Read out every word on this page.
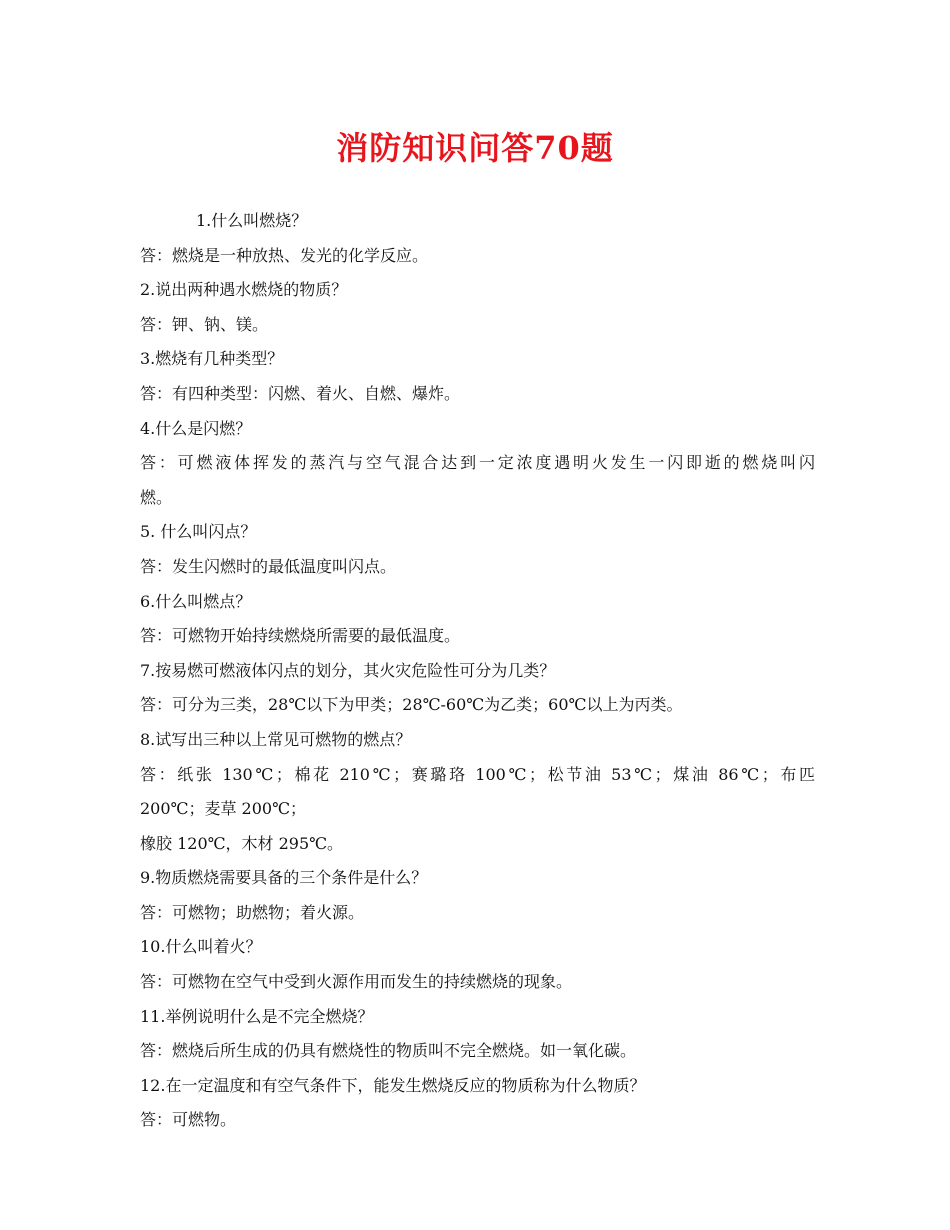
消防知识问答70题
1.什么叫燃烧？
答：燃烧是一种放热、发光的化学反应。
2.说出两种遇水燃烧的物质？
答：钾、钠、镁。
3.燃烧有几种类型？
答：有四种类型：闪燃、着火、自燃、爆炸。
4.什么是闪燃？
答：可燃液体挥发的蒸汽与空气混合达到一定浓度遇明火发生一闪即逝的燃烧叫闪
燃。
5. 什么叫闪点？
答：发生闪燃时的最低温度叫闪点。
6.什么叫燃点？
答：可燃物开始持续燃烧所需要的最低温度。
7.按易燃可燃液体闪点的划分，其火灾危险性可分为几类？
答：可分为三类，28℃以下为甲类；28℃-60℃为乙类；60℃以上为丙类。
8.试写出三种以上常见可燃物的燃点？
答：纸张 130℃；棉花 210℃；赛璐珞 100℃；松节油 53℃；煤油 86℃；布匹
200℃；麦草 200℃；
橡胶 120℃，木材 295℃。
9.物质燃烧需要具备的三个条件是什么？
答：可燃物；助燃物；着火源。
10.什么叫着火？
答：可燃物在空气中受到火源作用而发生的持续燃烧的现象。
11.举例说明什么是不完全燃烧？
答：燃烧后所生成的仍具有燃烧性的物质叫不完全燃烧。如一氧化碳。
12.在一定温度和有空气条件下，能发生燃烧反应的物质称为什么物质？
答：可燃物。
